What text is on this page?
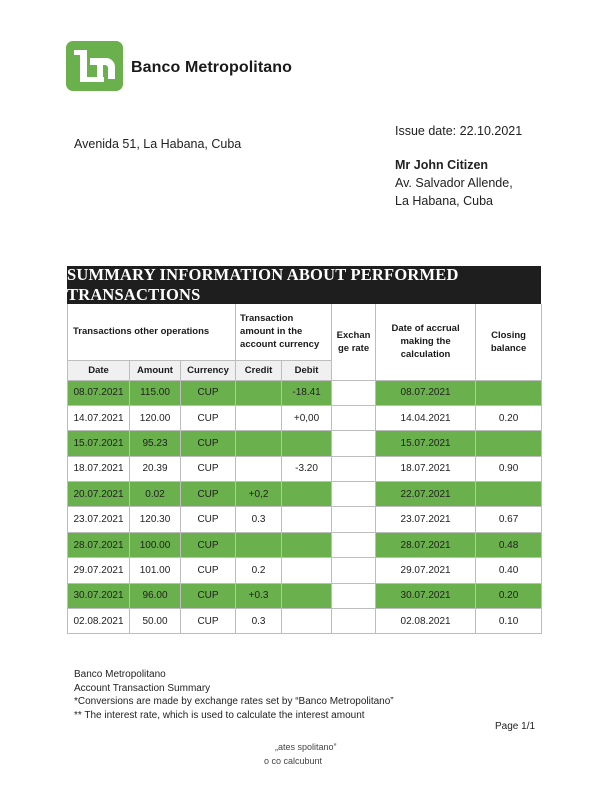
Banco Metropolitano
Avenida 51, La Habana, Cuba
Issue date: 22.10.2021
Mr John Citizen
Av. Salvador Allende,
La Habana, Cuba
SUMMARY INFORMATION ABOUT PERFORMED TRANSACTIONS
Transactions other operations			Transaction amount in the account currency		Exchan ge rate	Date of accrual making the calculation	Closing balance
Date	Amount	Currency	Credit	Debit			
08.07.2021	115.00	CUP		-18.41		08.07.2021	
14.07.2021	120.00	CUP		+0,00		14.04.2021	0.20
15.07.2021	95.23	CUP				15.07.2021	
18.07.2021	20.39	CUP		-3.20		18.07.2021	0.90
20.07.2021	0.02	CUP	+0,2			22.07.2021	
23.07.2021	120.30	CUP	0.3			23.07.2021	0.67
28.07.2021	100.00	CUP				28.07.2021	0.48
29.07.2021	101.00	CUP	0.2			29.07.2021	0.40
30.07.2021	96.00	CUP	+0.3			30.07.2021	0.20
02.08.2021	50.00	CUP	0.3			02.08.2021	0.10
Banco Metropolitano
Account Transaction Summary
*Conversions are made by exchange rates set by “Banco Metropolitano”
** The interest rate, which is used to calculate the interest amount
Page 1/1
„ates spolitano”
o co calcubunt
